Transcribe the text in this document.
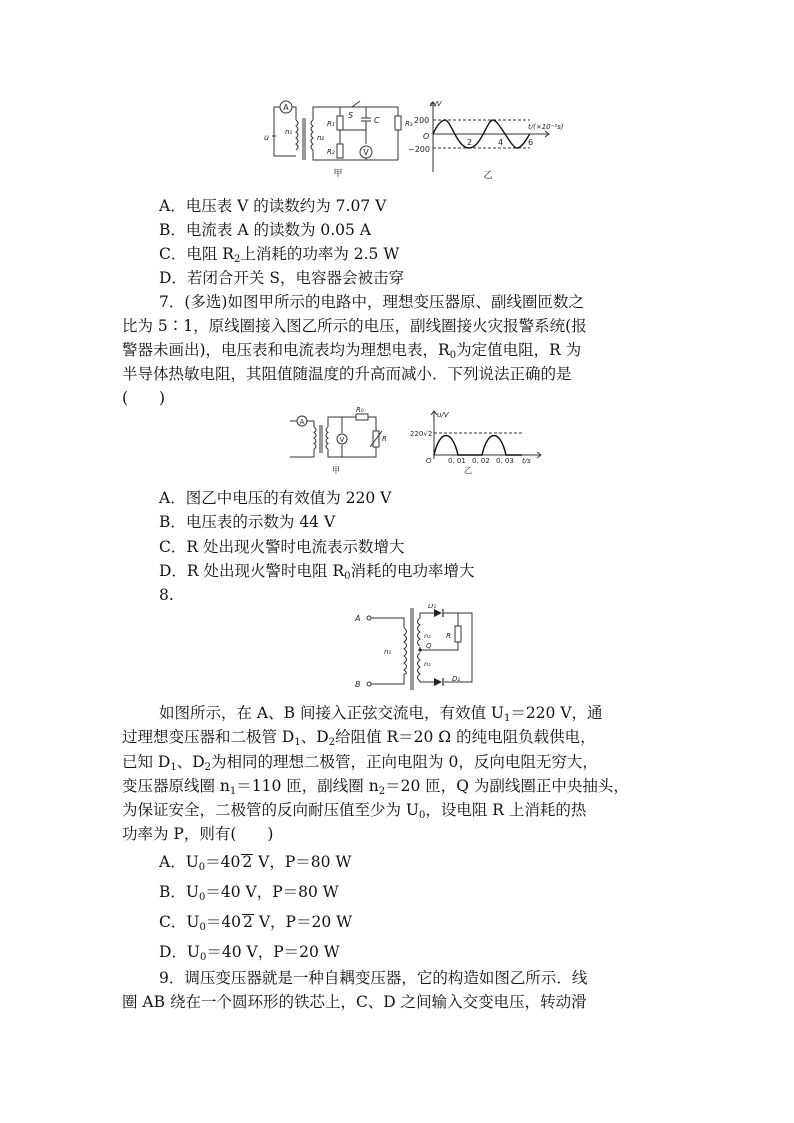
A
V
u
n₁
n₂
R₁
R₂
S
C	R₃
甲
u/V
200
−200
O
2	4	6
t/(×10⁻²s)
乙
A．电压表 V 的读数约为 7.07 V
B．电流表 A 的读数为 0.05 A
C．电阻 $R_2$上消耗的功率为 2.5 W
D．若闭合开关 S，电容器会被击穿
7．(多选)如图甲所示的电路中，理想变压器原、副线圈匝数之
比为 5∶1，原线圈接入图乙所示的电压，副线圈接火灾报警系统(报
警器未画出)，电压表和电流表均为理想电表，$R_0$为定值电阻，R 为
半导体热敏电阻，其阻值随温度的升高而减小．下列说法正确的是
(　　)
A
V
R₀
R
甲
u/V
220√2
O 0. 01 0. 02 0. 03 t/s
乙
A．图乙中电压的有效值为 220 V
B．电压表的示数为 44 V
C．R 处出现火警时电流表示数增大
D．R 处出现火警时电阻 $R_0$消耗的电功率增大
8.
A
B
D₁
D₂
n₁
n₂
Q
n₂
R
如图所示，在 A、B 间接入正弦交流电，有效值 $U_1=220$ V，通
过理想变压器和二极管 $D_1$、$D_2$给阻值 R＝20 Ω 的纯电阻负载供电，
已知 $D_1$、$D_2$为相同的理想二极管，正向电阻为 0，反向电阻无穷大，
变压器原线圈 $n_1=110$ 匝，副线圈 $n_2=20$ 匝，Q 为副线圈正中央抽头，
为保证安全，二极管的反向耐压值至少为 $U_0$，设电阻 R 上消耗的热
功率为 P，则有(　　)
A．$U_0=40$ 2 V，P＝80 W
B．$U_0=40$ V，P＝80 W
C．$U_0=40$ 2 V，P＝20 W
D．$U_0=40$ V，P＝20 W
9．调压变压器就是一种自耦变压器，它的构造如图乙所示．线
圈 AB 绕在一个圆环形的铁芯上，C、D 之间输入交变电压，转动滑
